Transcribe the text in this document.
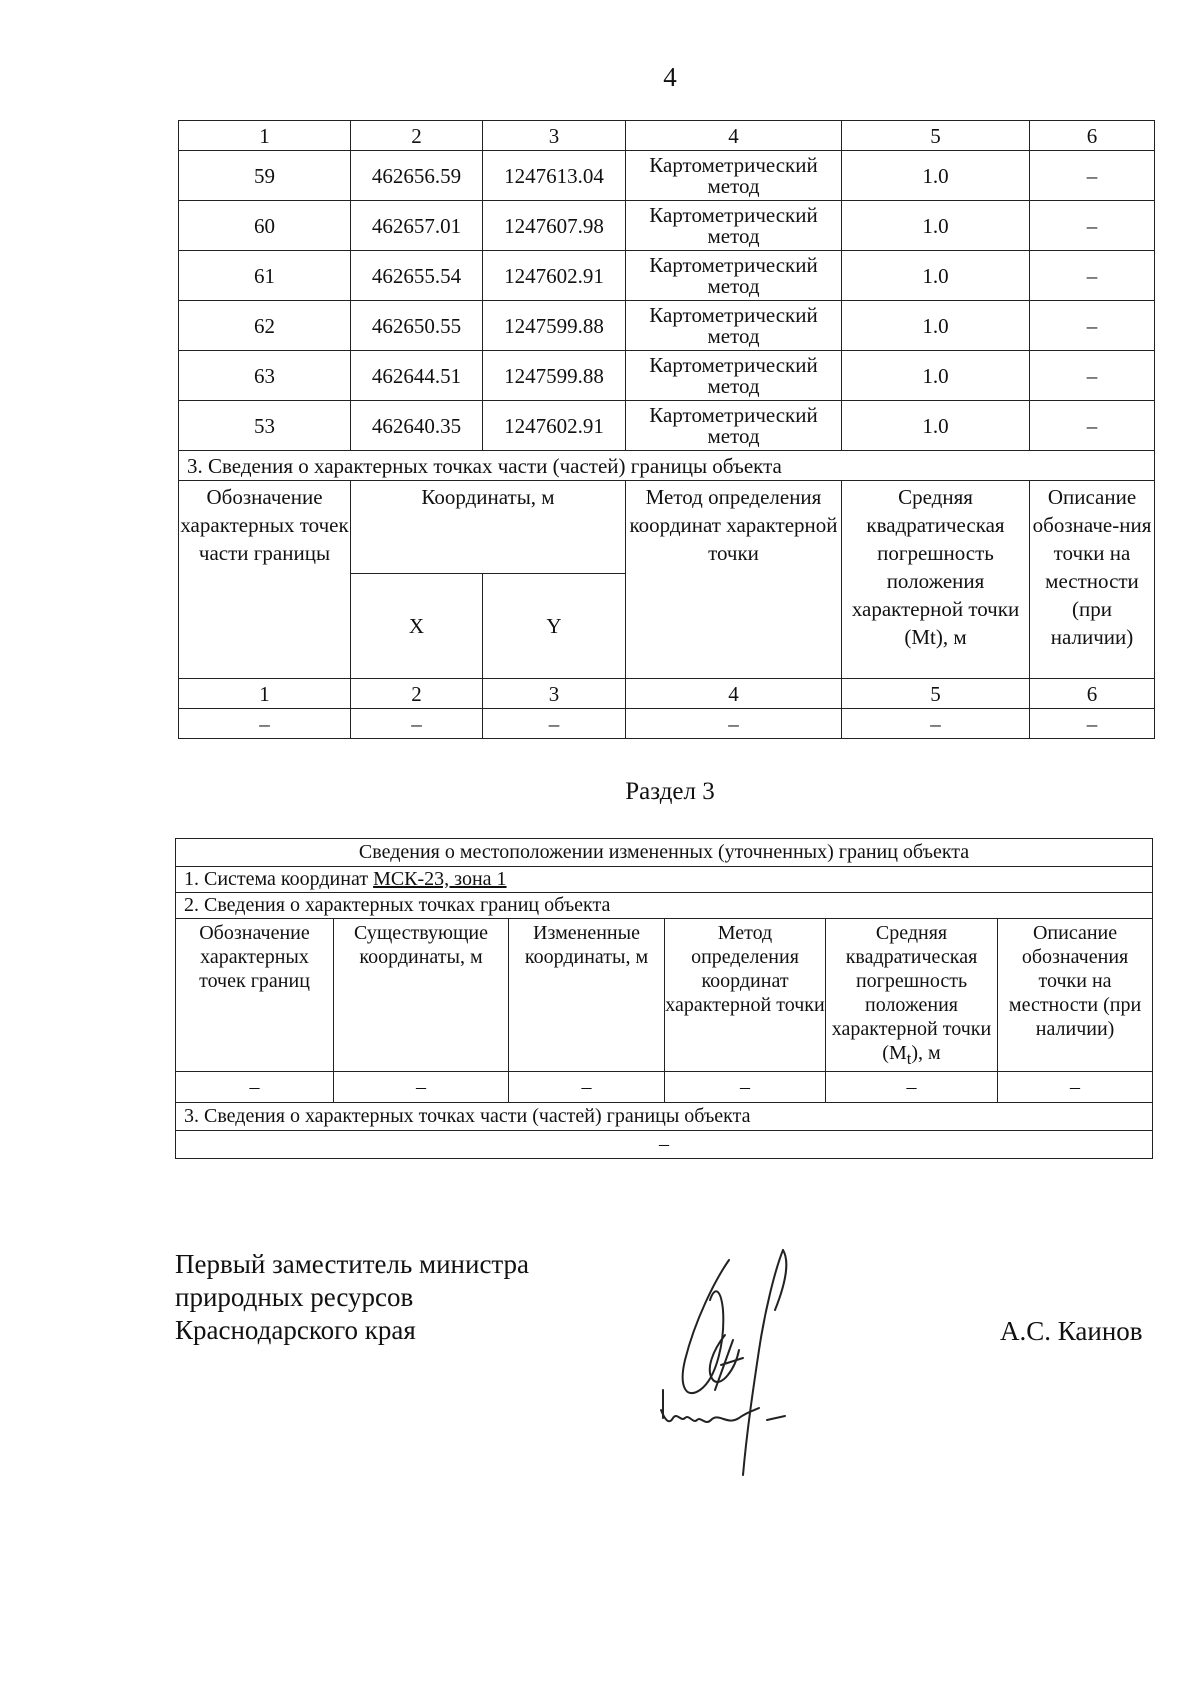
4
1	2	3	4	5	6
59	462656.59	1247613.04	Картометрический метод	1.0	–
60	462657.01	1247607.98	Картометрический метод	1.0	–
61	462655.54	1247602.91	Картометрический метод	1.0	–
62	462650.55	1247599.88	Картометрический метод	1.0	–
63	462644.51	1247599.88	Картометрический метод	1.0	–
53	462640.35	1247602.91	Картометрический метод	1.0	–
3. Сведения о характерных точках части (частей) границы объекта					
Обозначение характерных точек части границы	Координаты, м		Метод определения координат характерной точки	Средняя квадратическая погрешность положения характерной точки (Mt), м	Описание обозначе-ния точки на местности (при наличии)
	X	Y			
1	2	3	4	5	6
–	–	–	–	–	–
Раздел 3
Сведения о местоположении измененных (уточненных) границ объекта					
1. Система координат МСК-23, зона 1					
2. Сведения о характерных точках границ объекта					
Обозначение характерных точек границ	Существующие координаты, м	Измененные координаты, м	Метод определения координат характерной точки	Средняя квадратическая погрешность положения характерной точки $(M_t)$, м	Описание обозначения точки на местности (при наличии)
–	–	–	–	–	–
3. Сведения о характерных точках части (частей) границы объекта					
–					
Первый заместитель министра
природных ресурсов
Краснодарского края	А.С. Каинов
